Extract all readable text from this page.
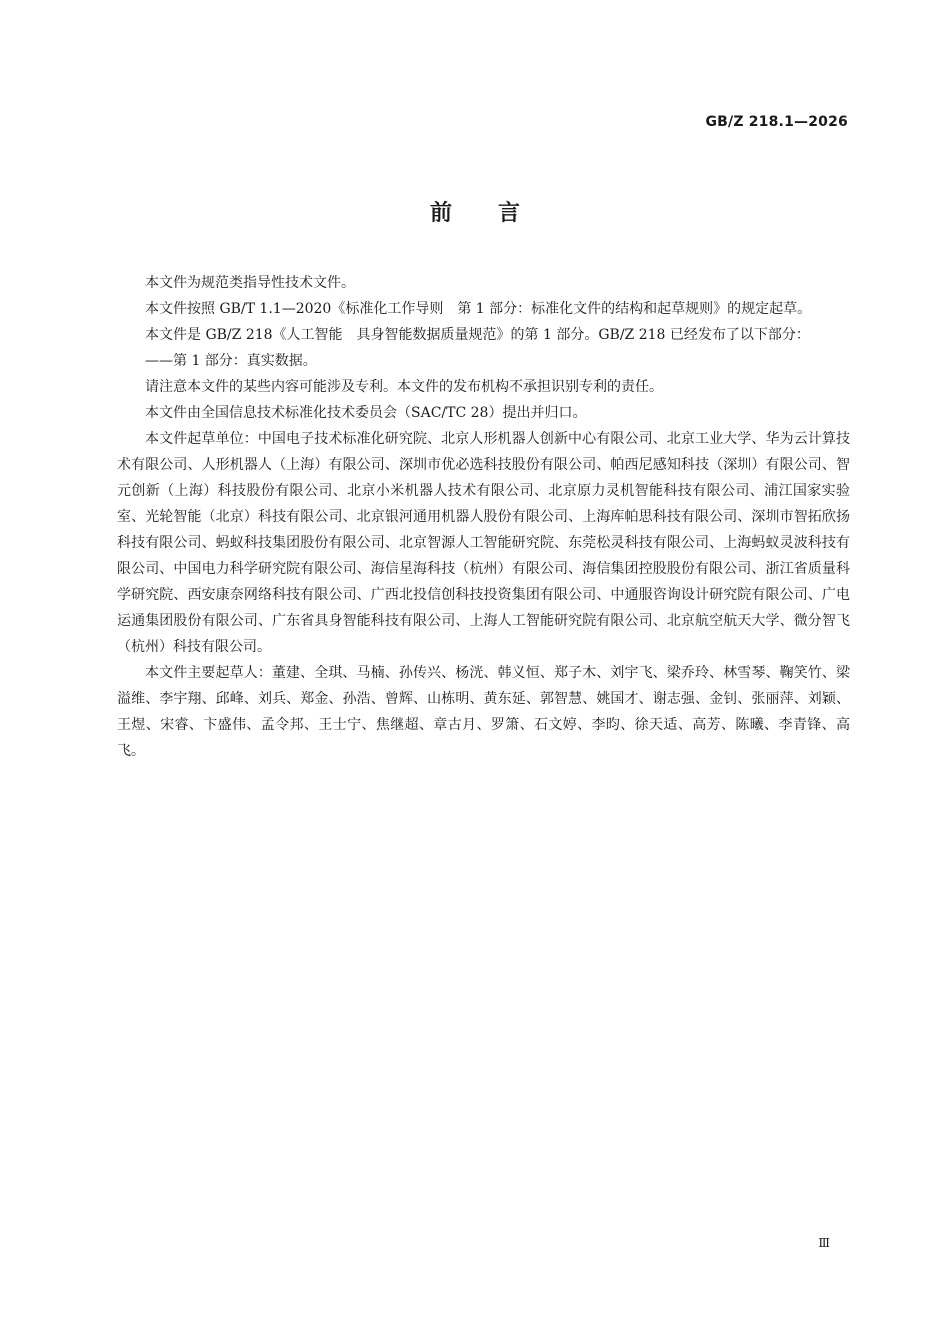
GB/Z 218.1—2026
前言

本文件为规范类指导性技术文件。

本文件按照 GB/T 1.1—2020《标准化工作导则　第 1 部分：标准化文件的结构和起草规则》的规定起草。

本文件是 GB/Z 218《人工智能　具身智能数据质量规范》的第 1 部分。GB/Z 218 已经发布了以下部分：

——第 1 部分：真实数据。

请注意本文件的某些内容可能涉及专利。本文件的发布机构不承担识别专利的责任。

本文件由全国信息技术标准化技术委员会（SAC/TC 28）提出并归口。

本文件起草单位：中国电子技术标准化研究院、北京人形机器人创新中心有限公司、北京工业大学、华为云计算技术有限公司、人形机器人（上海）有限公司、深圳市优必选科技股份有限公司、帕西尼感知科技（深圳）有限公司、智元创新（上海）科技股份有限公司、北京小米机器人技术有限公司、北京原力灵机智能科技有限公司、浦江国家实验室、光轮智能（北京）科技有限公司、北京银河通用机器人股份有限公司、上海库帕思科技有限公司、深圳市智拓欣扬科技有限公司、蚂蚁科技集团股份有限公司、北京智源人工智能研究院、东莞松灵科技有限公司、上海蚂蚁灵波科技有限公司、中国电力科学研究院有限公司、海信星海科技（杭州）有限公司、海信集团控股股份有限公司、浙江省质量科学研究院、西安康奈网络科技有限公司、广西北投信创科技投资集团有限公司、中通服咨询设计研究院有限公司、广电运通集团股份有限公司、广东省具身智能科技有限公司、上海人工智能研究院有限公司、北京航空航天大学、微分智飞（杭州）科技有限公司。

本文件主要起草人：董建、全琪、马楠、孙传兴、杨洸、韩义恒、郑子木、刘宇飞、梁乔玲、林雪琴、鞠笑竹、梁溢维、李宇翔、邱峰、刘兵、郑金、孙浩、曾辉、山栋明、黄东延、郭智慧、姚国才、谢志强、金钊、张丽萍、刘颖、王煜、宋睿、卞盛伟、孟令邦、王士宁、焦继超、章古月、罗箫、石文婷、李昀、徐天适、高芳、陈曦、李青锋、高飞。

Ⅲ
